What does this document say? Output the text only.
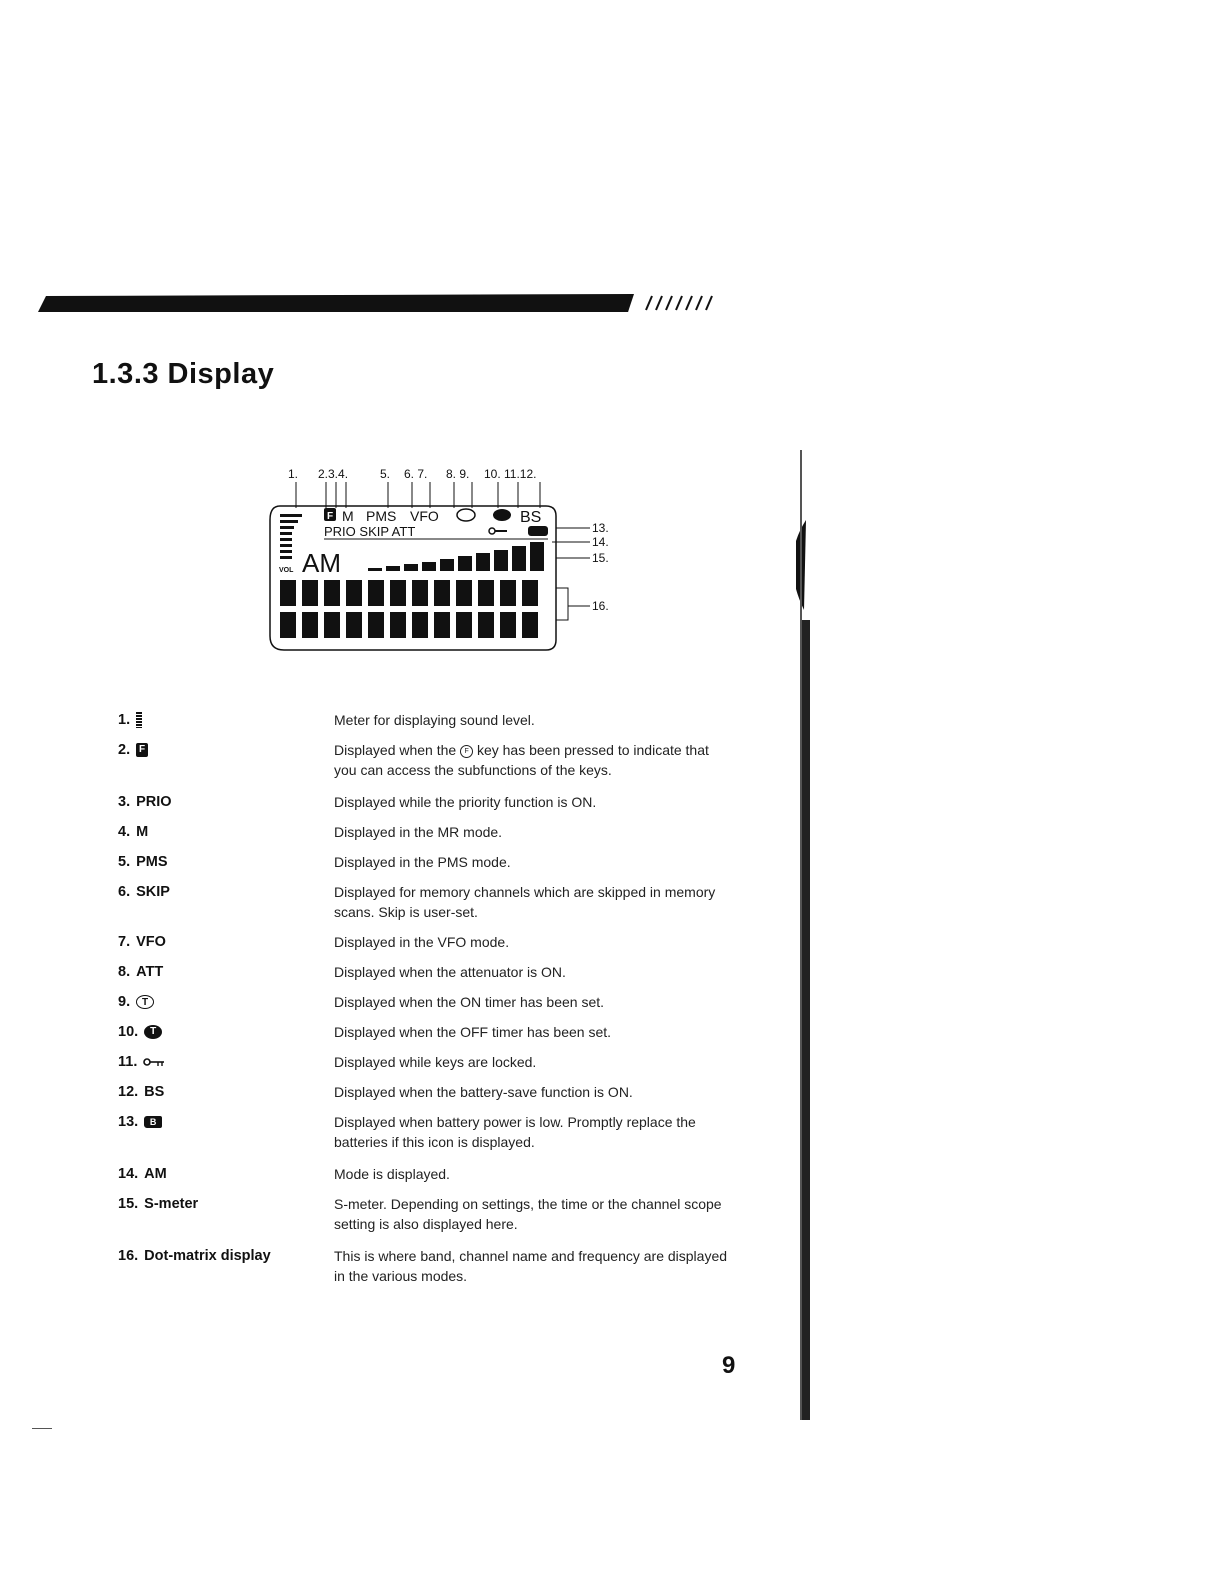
1.3.3 Display
1. 2.3.4.	5. 6. 7. 8. 9. 10. 11.12.
13.
14.
15.
16.
VOL
F M PMS VFO	BS
PRIO SKIP ATT
AM
1.	Meter for displaying sound level.
2. F	Displayed when the F key has been pressed to indicate that you can access the subfunctions of the keys.
3. PRIO	Displayed while the priority function is ON.
4. M	Displayed in the MR mode.
5. PMS	Displayed in the PMS mode.
6. SKIP	Displayed for memory channels which are skipped in memory scans. Skip is user-set.
7. VFO	Displayed in the VFO mode.
8. ATT	Displayed when the attenuator is ON.
9.	T	Displayed when the ON timer has been set.
10.	T	Displayed when the OFF timer has been set.
11.	Displayed while keys are locked.
12. BS	Displayed when the battery-save function is ON.
13.	B	Displayed when battery power is low. Promptly replace the batteries if this icon is displayed.
14. AM	Mode is displayed.
15. S-meter	S-meter. Depending on settings, the time or the channel scope setting is also displayed here.
16. Dot-matrix display	This is where band, channel name and frequency are displayed in the various modes.
9
